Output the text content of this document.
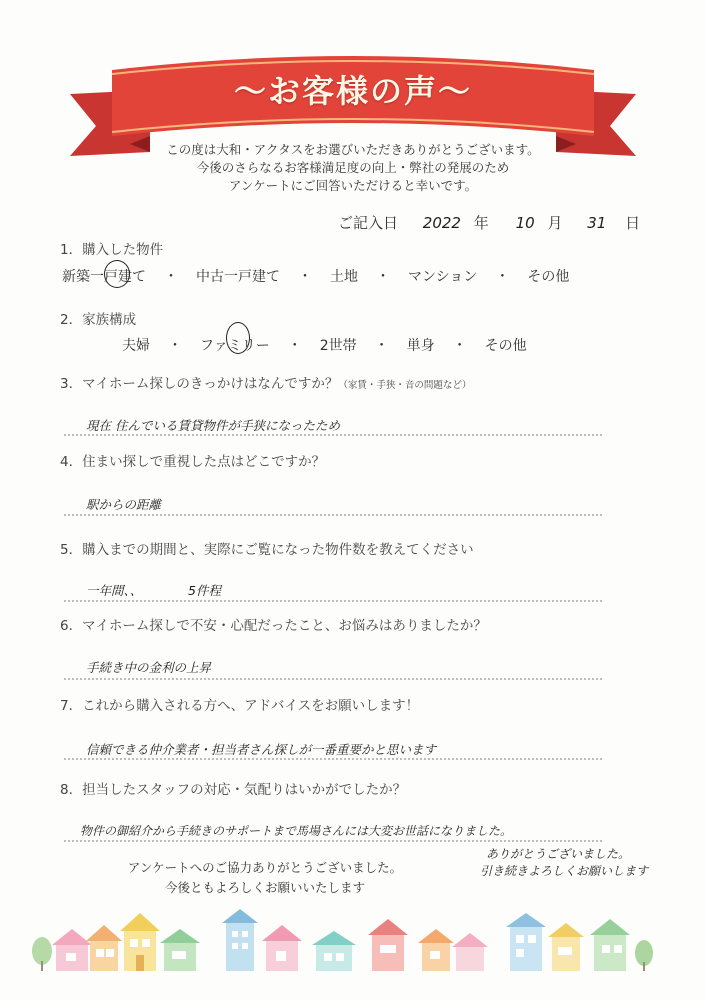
〜お客様の声〜
この度は大和・アクタスをお選びいただきありがとうございます。
今後のさらなるお客様満足度の向上・弊社の発展のため
アンケートにご回答いただけると幸いです。
ご記入日 2022 年 10 月 31 日
1．購入した物件
新築一戸建て ・ 中古一戸建て ・ 土地 ・ マンション ・ その他
2．家族構成
夫婦 ・ ファミリー ・ 2世帯 ・ 単身 ・ その他
3．マイホーム探しのきっかけはなんですか？（家賃・手狭・音の問題など）
現在 住んでいる賃貸物件が手狭になったため
4．住まい探しで重視した点はどこですか？
駅からの距離
5．購入までの期間と、実際にご覧になった物件数を教えてください
一年間、、	5件程
6．マイホーム探しで不安・心配だったこと、お悩みはありましたか？
手続き中の金利の上昇
7．これから購入される方へ、アドバイスをお願いします！
信頼できる仲介業者・担当者さん探しが一番重要かと思います
8．担当したスタッフの対応・気配りはいかがでしたか？
物件の御紹介から手続きのサポートまで馬場さんには大変お世話になりました。
ありがとうございました。
引き続きよろしくお願いします
アンケートへのご協力ありがとうございました。
今後ともよろしくお願いいたします
